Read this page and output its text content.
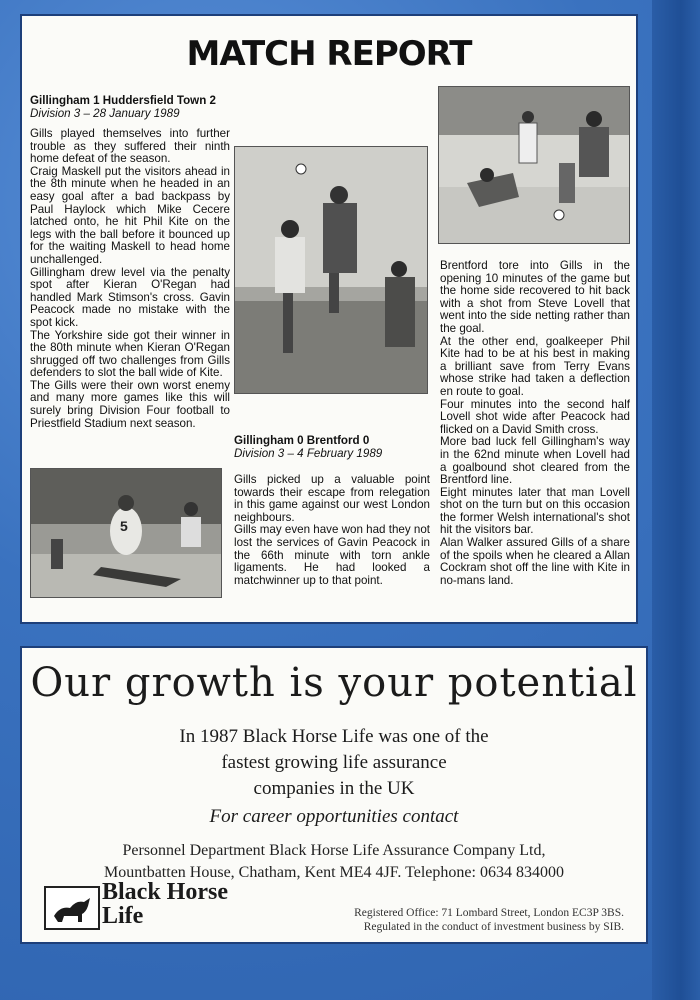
MATCH REPORT
Gillingham 1 Huddersfield Town 2
Division 3 – 28 January 1989

Gills played themselves into further trouble as they suffered their ninth home defeat of the season.

Craig Maskell put the visitors ahead in the 8th minute when he headed in an easy goal after a bad backpass by Paul Haylock which Mike Cecere latched onto, he hit Phil Kite on the legs with the ball before it bounced up for the waiting Maskell to head home unchallenged.

Gillingham drew level via the penalty spot after Kieran O'Regan had handled Mark Stimson's cross. Gavin Peacock made no mistake with the spot kick.

The Yorkshire side got their winner in the 80th minute when Kieran O'Regan shrugged off two challenges from Gills defenders to slot the ball wide of Kite.

The Gills were their own worst enemy and many more games like this will surely bring Division Four football to Priestfield Stadium next season.

5
Gillingham 0 Brentford 0
Division 3 – 4 February 1989

Gills picked up a valuable point towards their escape from relegation in this game against our west London neighbours.

Gills may even have won had they not lost the services of Gavin Peacock in the 66th minute with torn ankle ligaments. He had looked a matchwinner up to that point.

Brentford tore into Gills in the opening 10 minutes of the game but the home side recovered to hit back with a shot from Steve Lovell that went into the side netting rather than the goal.

At the other end, goalkeeper Phil Kite had to be at his best in making a brilliant save from Terry Evans whose strike had taken a deflection en route to goal.

Four minutes into the second half Lovell shot wide after Peacock had flicked on a David Smith cross.

More bad luck fell Gillingham's way in the 62nd minute when Lovell had a goalbound shot cleared from the Brentford line.

Eight minutes later that man Lovell shot on the turn but on this occasion the former Welsh international's shot hit the visitors bar.

Alan Walker assured Gills of a share of the spoils when he cleared a Allan Cockram shot off the line with Kite in no-mans land.

Our growth is your potential
In 1987 Black Horse Life was one of the
fastest growing life assurance
companies in the UK
For career opportunities contact
Personnel Department Black Horse Life Assurance Company Ltd,
Mountbatten House, Chatham, Kent ME4 4JF. Telephone: 0634 834000
Black Horse
Life	Registered Office: 71 Lombard Street, London EC3P 3BS.
Regulated in the conduct of investment business by SIB.
